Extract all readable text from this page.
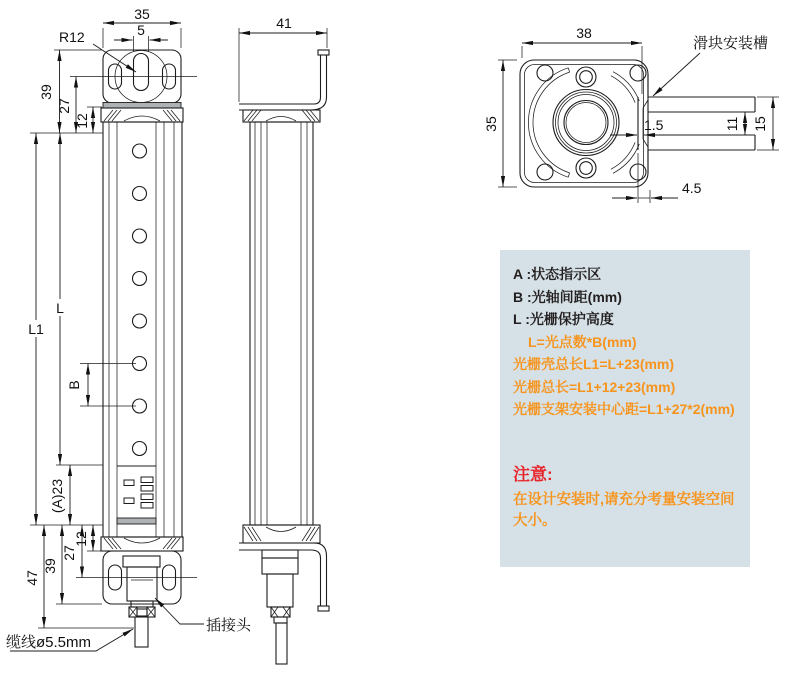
35
5
R12
39
27
12
L1
L
B
(A)23
12
27
39
47
缆线ø5.5mm
插接头
41
38
35	1.5	11 15
4.5
滑块安装槽
A :状态指示区
B :光轴间距(mm)
L :光栅保护高度
L=光点数*B(mm)
光栅壳总长L1=L+23(mm)
光栅总长=L1+12+23(mm)
光栅支架安装中心距=L1+27*2(mm)
注意:
在设计安装时,请充分考量安装空间大小。
